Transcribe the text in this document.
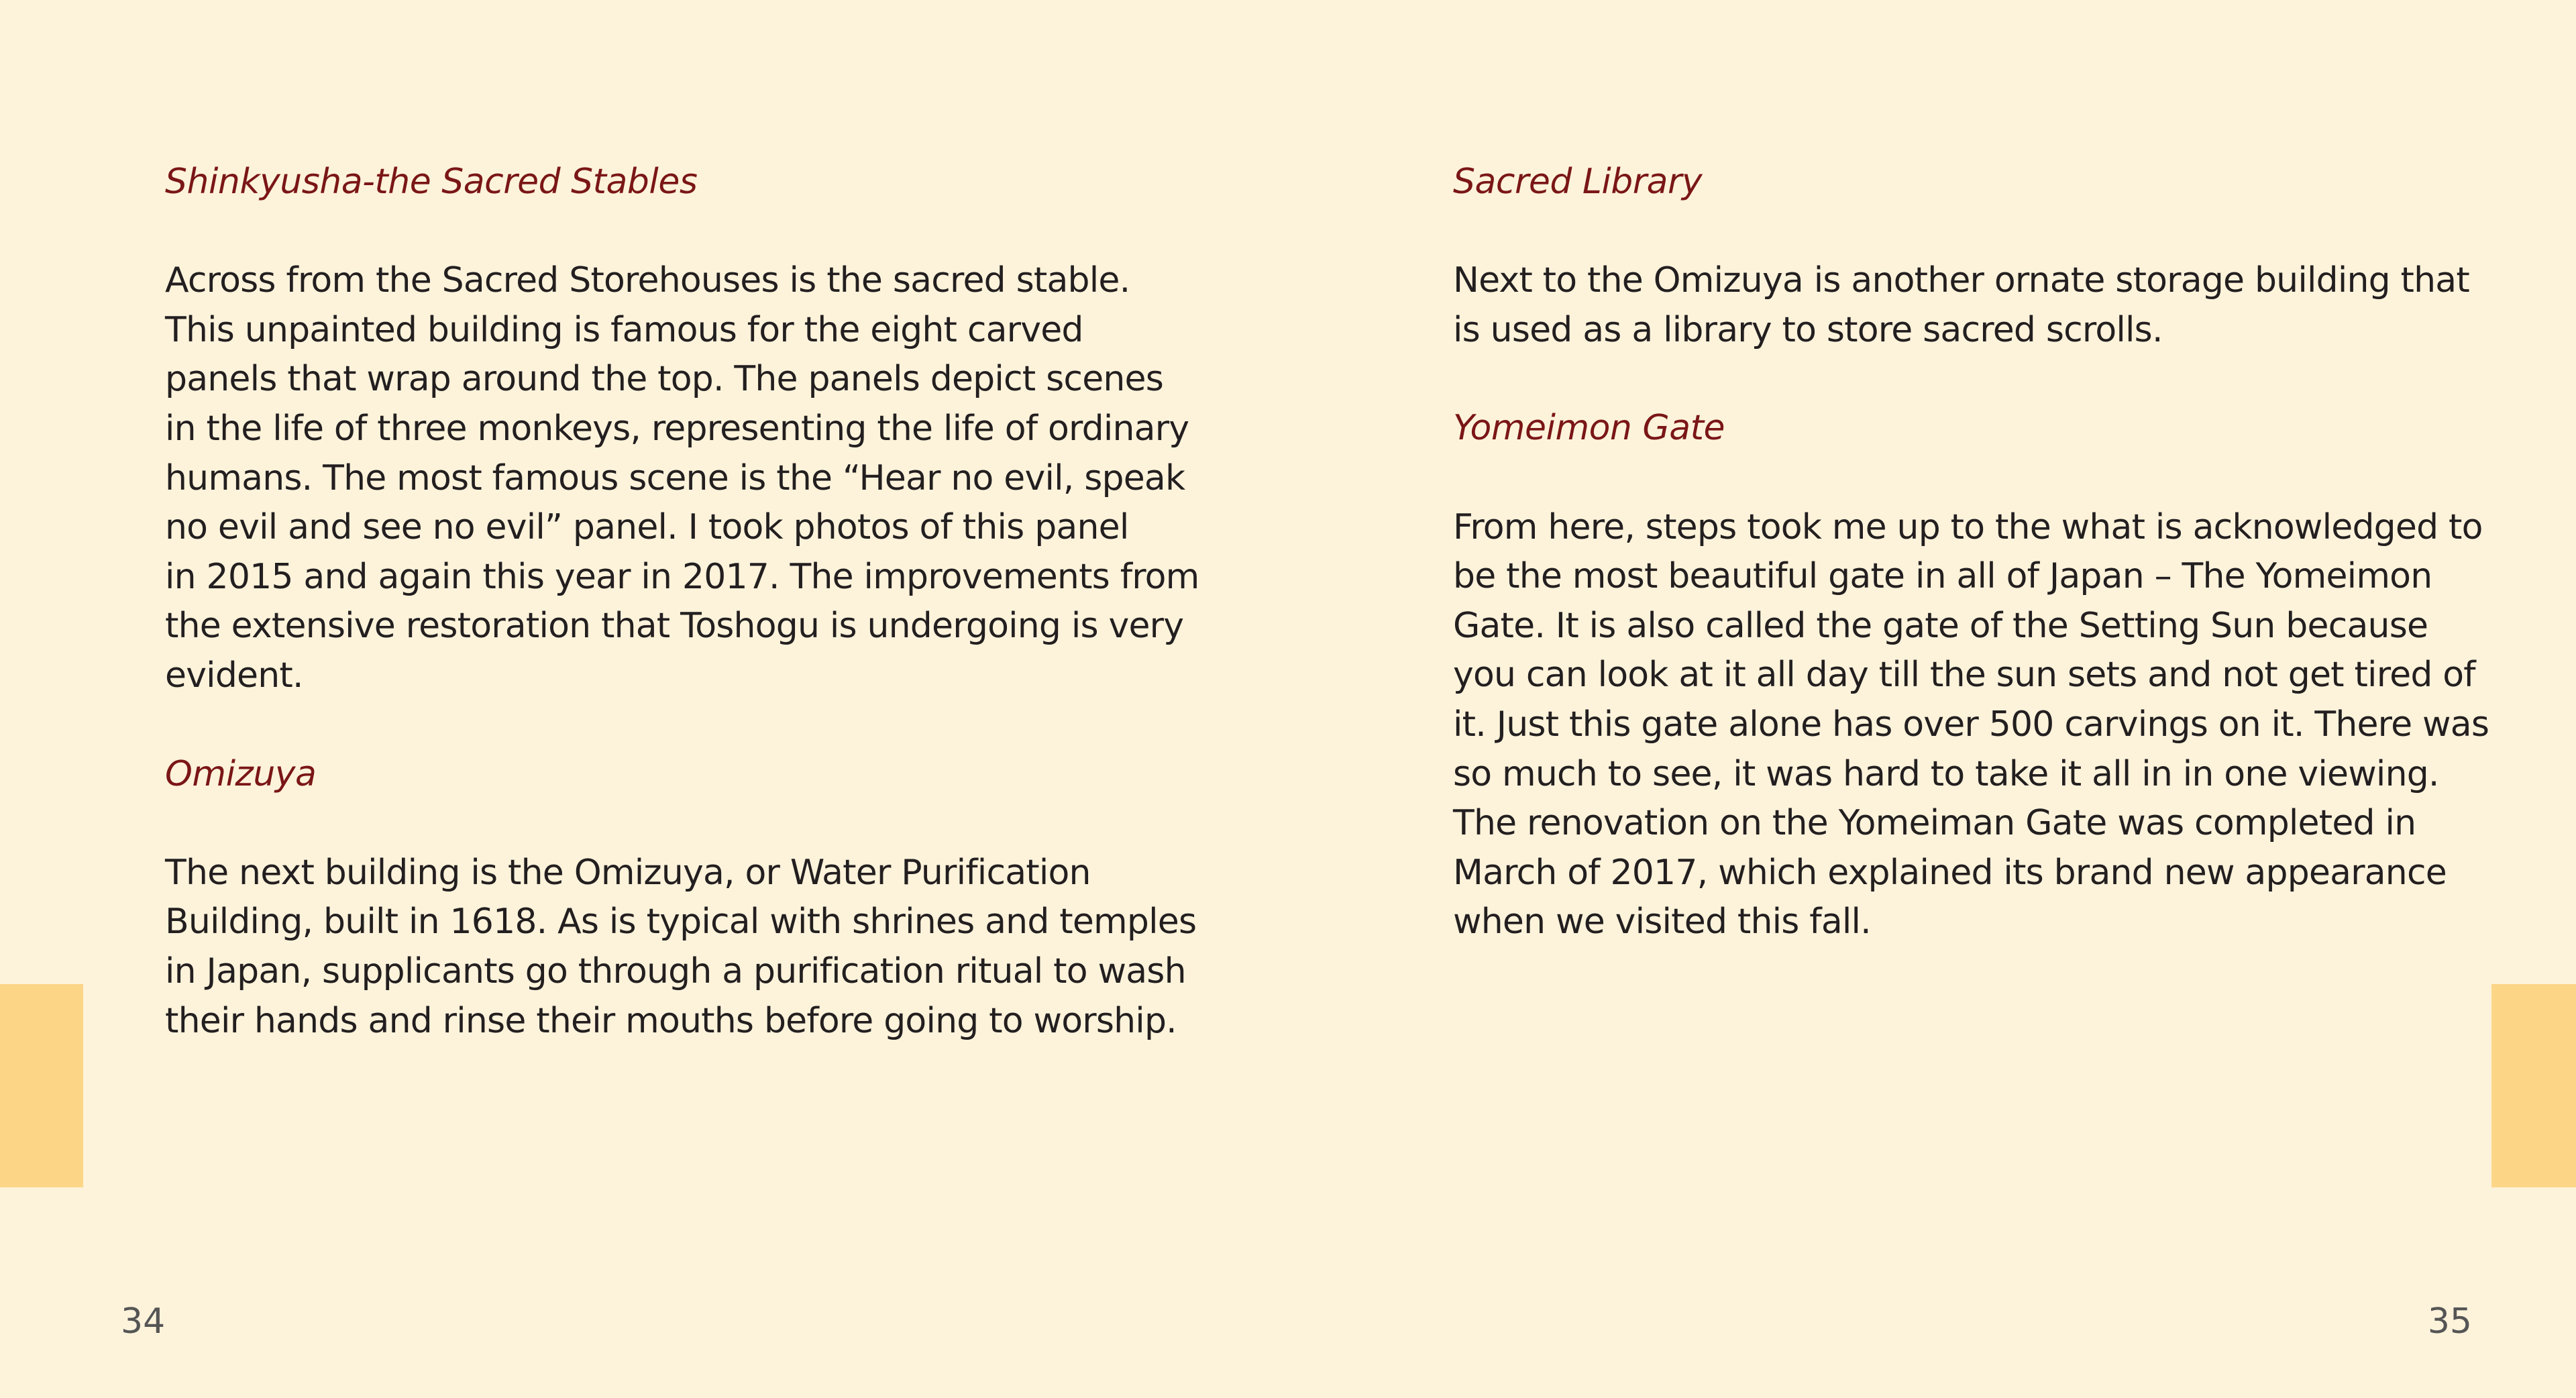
Shinkyusha-the Sacred Stables
Across from the Sacred Storehouses is the sacred stable.
This unpainted building is famous for the eight carved
panels that wrap around the top. The panels depict scenes
in the life of three monkeys, representing the life of ordinary
humans. The most famous scene is the “Hear no evil, speak
no evil and see no evil” panel. I took photos of this panel
in 2015 and again this year in 2017. The improvements from
the extensive restoration that Toshogu is undergoing is very
evident.
Omizuya
The next building is the Omizuya, or Water Purification
Building, built in 1618. As is typical with shrines and temples
in Japan, supplicants go through a purification ritual to wash
their hands and rinse their mouths before going to worship.
Sacred Library
Next to the Omizuya is another ornate storage building that
is used as a library to store sacred scrolls.
Yomeimon Gate
From here, steps took me up to the what is acknowledged to
be the most beautiful gate in all of Japan – The Yomeimon
Gate. It is also called the gate of the Setting Sun because
you can look at it all day till the sun sets and not get tired of
it. Just this gate alone has over 500 carvings on it. There was
so much to see, it was hard to take it all in in one viewing.
The renovation on the Yomeiman Gate was completed in
March of 2017, which explained its brand new appearance
when we visited this fall.
34	35
